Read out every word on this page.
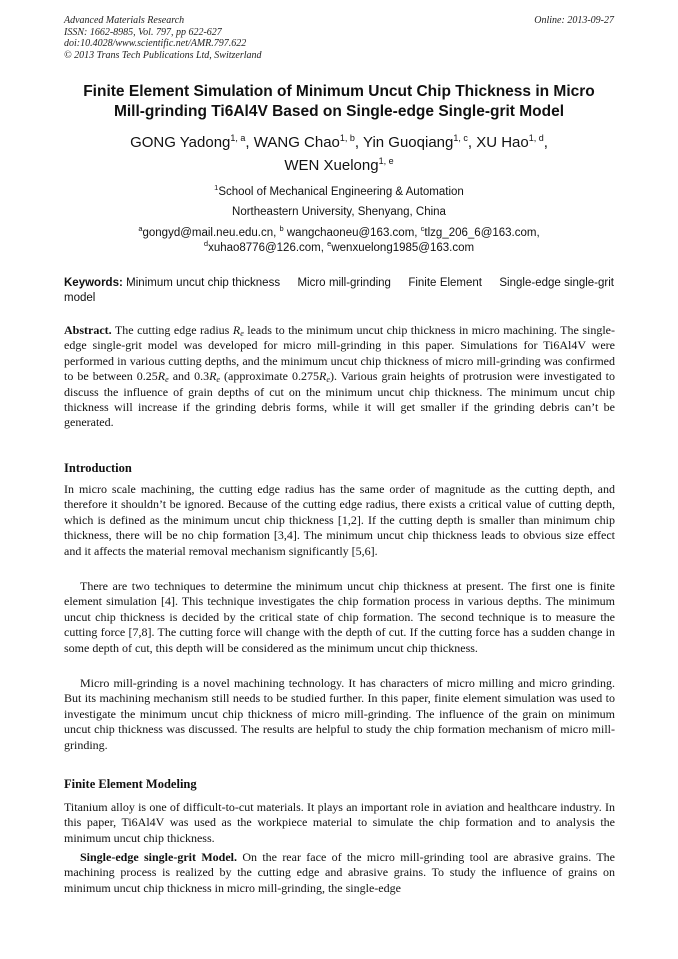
Advanced Materials Research
ISSN: 1662-8985, Vol. 797, pp 622-627
doi:10.4028/www.scientific.net/AMR.797.622
© 2013 Trans Tech Publications Ltd, Switzerland
Online: 2013-09-27
Finite Element Simulation of Minimum Uncut Chip Thickness in Micro
Mill-grinding Ti6Al4V Based on Single-edge Single-grit Model
GONG Yadong$^{1, a}$, WANG Chao$^{1, b}$, Yin Guoqiang$^{1, c}$, XU Hao$^{1, d}$,
WEN Xuelong$^{1, e}$
$^1$School of Mechanical Engineering & Automation
Northeastern University, Shenyang, China
$^a$gongyd@mail.neu.edu.cn, $^b$ wangchaoneu@163.com, $^c$tlzg_206_6@163.com,
$^d$xuhao8776@126.com, $^e$wenxuelong1985@163.com
Keywords: Minimum uncut chip thickness Micro mill-grinding Finite Element Single-edge single-grit model

Abstract. The cutting edge radius $R_e$ leads to the minimum uncut chip thickness in micro machining. The single-edge single-grit model was developed for micro mill-grinding in this paper. Simulations for Ti6Al4V were performed in various cutting depths, and the minimum uncut chip thickness of micro mill-grinding was confirmed to be between $0.25R_e$ and $0.3R_e$ (approximate $0.275R_e$). Various grain heights of protrusion were investigated to discuss the influence of grain depths of cut on the minimum uncut chip thickness. The minimum uncut chip thickness will increase if the grinding debris forms, while it will get smaller if the grinding debris can’t be generated.

Introduction

In micro scale machining, the cutting edge radius has the same order of magnitude as the cutting depth, and therefore it shouldn’t be ignored. Because of the cutting edge radius, there exists a critical value of cutting depth, which is defined as the minimum uncut chip thickness [1,2]. If the cutting depth is smaller than minimum chip thickness, there will be no chip formation [3,4]. The minimum uncut chip thickness leads to obvious size effect and it affects the material removal mechanism significantly [5,6].

There are two techniques to determine the minimum uncut chip thickness at present. The first one is finite element simulation [4]. This technique investigates the chip formation process in various depths. The minimum uncut chip thickness is decided by the critical state of chip formation. The second technique is to measure the cutting force [7,8]. The cutting force will change with the depth of cut. If the cutting force has a sudden change in some depth of cut, this depth will be considered as the minimum uncut chip thickness.

Micro mill-grinding is a novel machining technology. It has characters of micro milling and micro grinding. But its machining mechanism still needs to be studied further. In this paper, finite element simulation was used to investigate the minimum uncut chip thickness of micro mill-grinding. The influence of the grain on minimum uncut chip thickness was discussed. The results are helpful to study the chip formation mechanism of micro mill-grinding.

Finite Element Modeling

Titanium alloy is one of difficult-to-cut materials. It plays an important role in aviation and healthcare industry. In this paper, Ti6Al4V was used as the workpiece material to simulate the chip formation and to analysis the minimum uncut chip thickness.

Single-edge single-grit Model. On the rear face of the micro mill-grinding tool are abrasive grains. The machining process is realized by the cutting edge and abrasive grains. To study the influence of grains on minimum uncut chip thickness in micro mill-grinding, the single-edge
